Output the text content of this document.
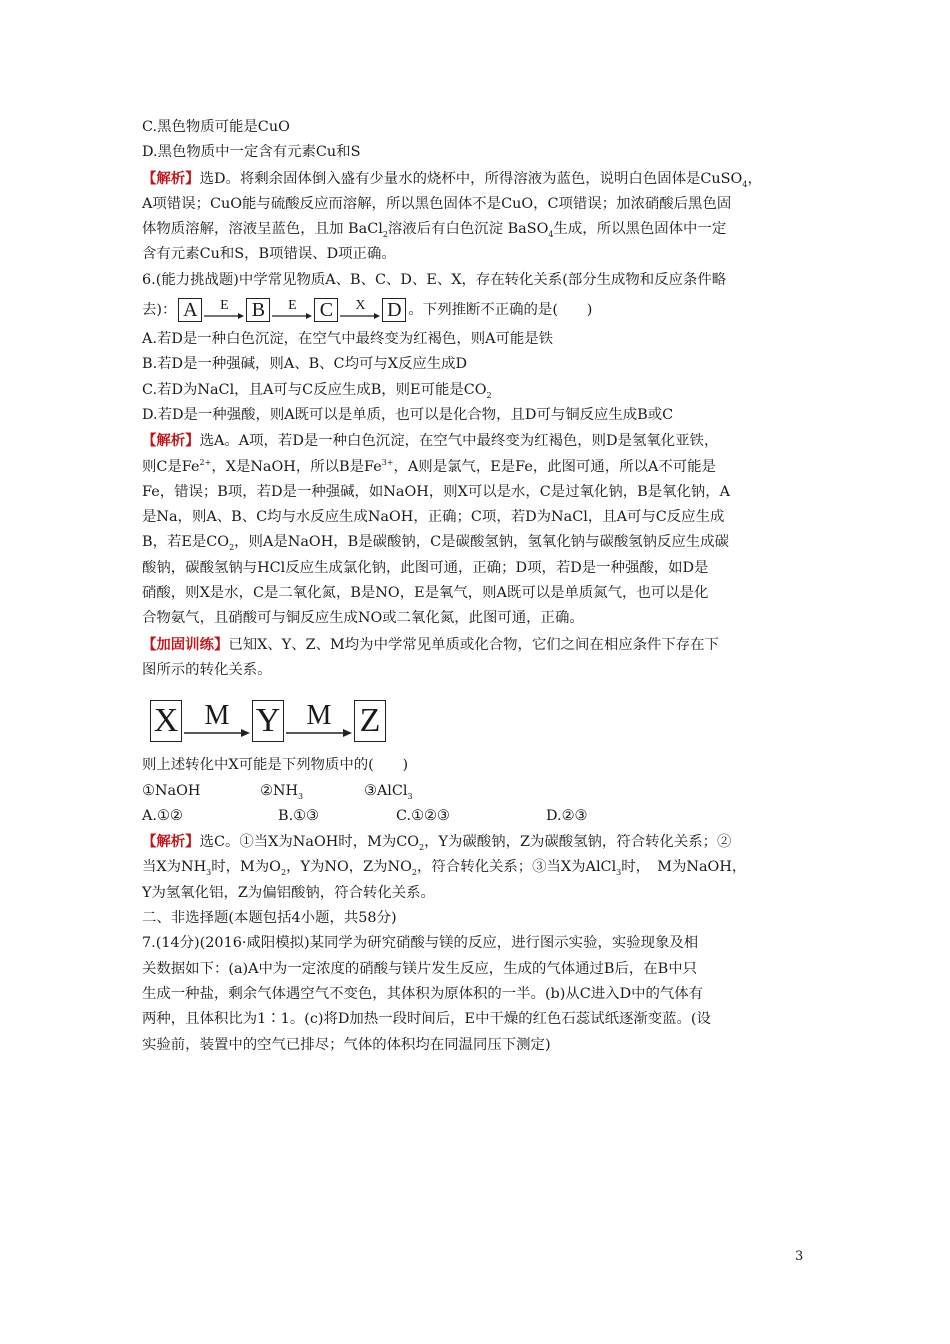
C.黑色物质可能是CuO

D.黑色物质中一定含有元素Cu和S

【解析】选D。将剩余固体倒入盛有少量水的烧杯中，所得溶液为蓝色，说明白色固体是CuSO$_4$，

A项错误；CuO能与硫酸反应而溶解，所以黑色固体不是CuO，C项错误；加浓硝酸后黑色固

体物质溶解，溶液呈蓝色，且加 BaCl$_2$溶液后有白色沉淀 BaSO$_4$生成，所以黑色固体中一定

含有元素Cu和S，B项错误、D项正确。

6.(能力挑战题)中学常见物质A、B、C、D、E、X，存在转化关系(部分生成物和反应条件略

去)： A	E B	E C	X D 。下列推断不正确的是(　　)

A.若D是一种白色沉淀，在空气中最终变为红褐色，则A可能是铁

B.若D是一种强碱，则A、B、C均可与X反应生成D

C.若D为NaCl，且A可与C反应生成B，则E可能是$CO_2$

D.若D是一种强酸，则A既可以是单质，也可以是化合物，且D可与铜反应生成B或C

【解析】选A。A项，若D是一种白色沉淀，在空气中最终变为红褐色，则D是氢氧化亚铁，

则C是$Fe^{2+}$，X是NaOH，所以B是$Fe^{3+}$，A则是氯气，E是Fe，此图可通，所以A不可能是

Fe，错误；B项，若D是一种强碱，如NaOH，则X可以是水，C是过氧化钠，B是氧化钠，A

是Na，则A、B、C均与水反应生成NaOH，正确；C项，若D为NaCl，且A可与C反应生成

B，若E是$CO_2$，则A是NaOH，B是碳酸钠，C是碳酸氢钠，氢氧化钠与碳酸氢钠反应生成碳

酸钠，碳酸氢钠与HCl反应生成氯化钠，此图可通，正确；D项，若D是一种强酸，如D是

硝酸，则X是水，C是二氧化氮，B是NO，E是氧气，则A既可以是单质氮气，也可以是化

合物氨气，且硝酸可与铜反应生成NO或二氧化氮，此图可通，正确。

【加固训练】已知X、Y、Z、M均为中学常见单质或化合物，它们之间在相应条件下存在下

图所示的转化关系。

X M Y M Z

则上述转化中X可能是下列物质中的(　　)

①NaOH	$②NH_3$	③AlCl$_3$
A.①②	B.①③	C.①②③	D.②③

【解析】选C。①当X为NaOH时，M为$CO_2$，Y为碳酸钠，Z为碳酸氢钠，符合转化关系；②

当X为$NH_3$时，M为$O_2$，Y为NO，Z为$NO_2$，符合转化关系；③当X为AlCl$_3$时，　M为NaOH，

Y为氢氧化铝，Z为偏铝酸钠，符合转化关系。

二、非选择题(本题包括4小题，共58分)

7.(14分)(2016·咸阳模拟)某同学为研究硝酸与镁的反应，进行图示实验，实验现象及相

关数据如下：(a)A中为一定浓度的硝酸与镁片发生反应，生成的气体通过B后，在B中只

生成一种盐，剩余气体遇空气不变色，其体积为原体积的一半。(b)从C进入D中的气体有

两种，且体积比为1∶1。(c)将D加热一段时间后，E中干燥的红色石蕊试纸逐渐变蓝。(设

实验前，装置中的空气已排尽；气体的体积均在同温同压下测定)

3
